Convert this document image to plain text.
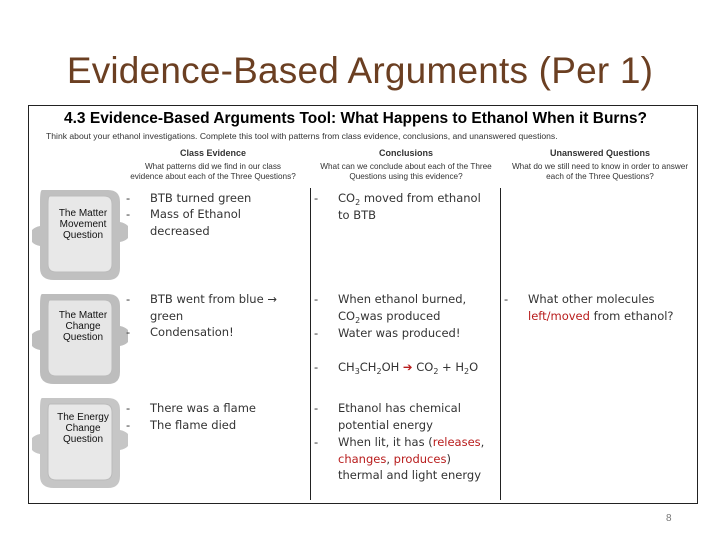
Evidence-Based Arguments (Per 1)
4.3 Evidence-Based Arguments Tool: What Happens to Ethanol When it Burns?
Think about your ethanol investigations. Complete this tool with patterns from class evidence, conclusions, and unanswered questions.
Class Evidence
What patterns did we find in our class evidence about each of the Three Questions?
Conclusions
What can we conclude about each of the Three Questions using this evidence?
Unanswered Questions
What do we still need to know in order to answer each of the Three Questions?
The Matter Movement Question
The Matter Change Question
The Energy Change Question
- BTB turned green
- Mass of Ethanol decreased
- $CO_2$ moved from ethanol to BTB
- BTB went from blue → green
- Condensation!
- When ethanol burned,
$CO_2was$ produced
- Water was produced!
- $CH_3CH_2OH$ ➔ $CO_2 + H_2O$
- What other molecules left/moved from ethanol?
- There was a flame
- The flame died
- Ethanol has chemical potential energy
- When lit, it has (releases, changes, produces) thermal and light energy
8
